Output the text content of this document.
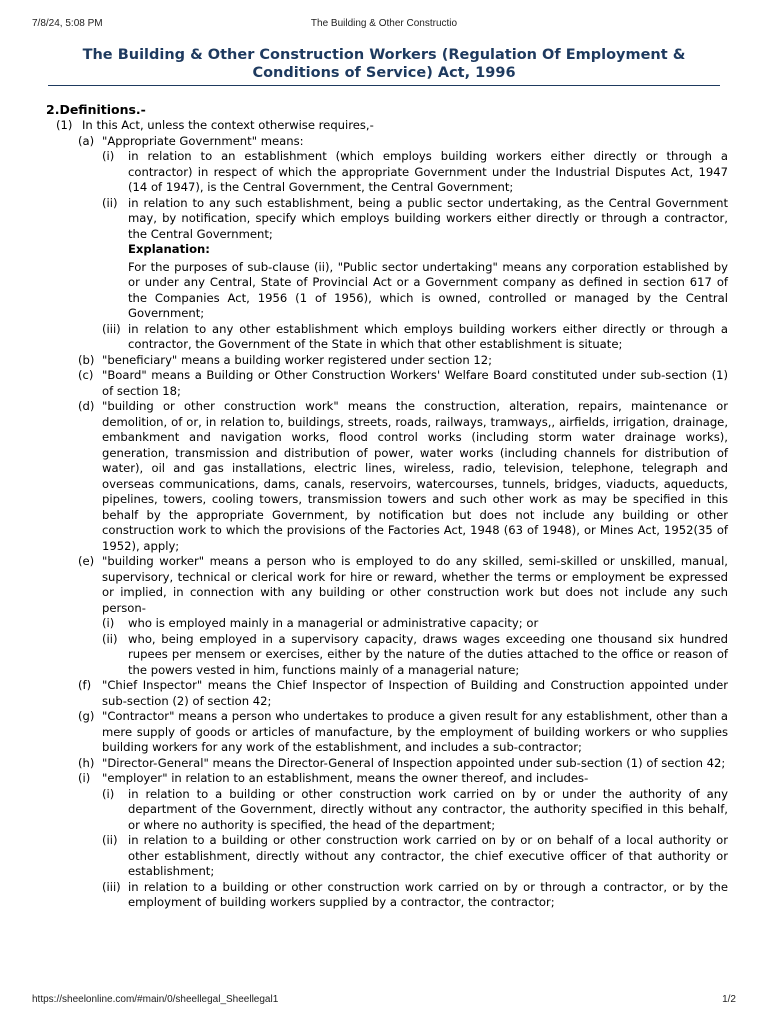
7/8/24, 5:08 PM	The Building & Other Constructio
The Building & Other Construction Workers (Regulation Of Employment & Conditions of Service) Act, 1996
2.Definitions.-
(1) In this Act, unless the context otherwise requires,-
(a) "Appropriate Government" means:
(i) in relation to an establishment (which employs building workers either directly or through a contractor) in respect of which the appropriate Government under the Industrial Disputes Act, 1947 (14 of 1947), is the Central Government, the Central Government;
(ii) in relation to any such establishment, being a public sector undertaking, as the Central Government may, by notification, specify which employs building workers either directly or through a contractor, the Central Government;
Explanation:
For the purposes of sub-clause (ii), "Public sector undertaking" means any corporation established by or under any Central, State of Provincial Act or a Government company as defined in section 617 of the Companies Act, 1956 (1 of 1956), which is owned, controlled or managed by the Central Government;
(iii) in relation to any other establishment which employs building workers either directly or through a contractor, the Government of the State in which that other establishment is situate;
(b) "beneficiary" means a building worker registered under section 12;
(c) "Board" means a Building or Other Construction Workers' Welfare Board constituted under sub-section (1) of section 18;
(d) "building or other construction work" means the construction, alteration, repairs, maintenance or demolition, of or, in relation to, buildings, streets, roads, railways, tramways,, airfields, irrigation, drainage, embankment and navigation works, flood control works (including storm water drainage works), generation, transmission and distribution of power, water works (including channels for distribution of water), oil and gas installations, electric lines, wireless, radio, television, telephone, telegraph and overseas communications, dams, canals, reservoirs, watercourses, tunnels, bridges, viaducts, aqueducts, pipelines, towers, cooling towers, transmission towers and such other work as may be specified in this behalf by the appropriate Government, by notification but does not include any building or other construction work to which the provisions of the Factories Act, 1948 (63 of 1948), or Mines Act, 1952(35 of 1952), apply;
(e) "building worker" means a person who is employed to do any skilled, semi-skilled or unskilled, manual, supervisory, technical or clerical work for hire or reward, whether the terms or employment be expressed or implied, in connection with any building or other construction work but does not include any such person-
(i) who is employed mainly in a managerial or administrative capacity; or
(ii) who, being employed in a supervisory capacity, draws wages exceeding one thousand six hundred rupees per mensem or exercises, either by the nature of the duties attached to the office or reason of the powers vested in him, functions mainly of a managerial nature;
(f) "Chief Inspector" means the Chief Inspector of Inspection of Building and Construction appointed under sub-section (2) of section 42;
(g) "Contractor" means a person who undertakes to produce a given result for any establishment, other than a mere supply of goods or articles of manufacture, by the employment of building workers or who supplies building workers for any work of the establishment, and includes a sub-contractor;
(h) "Director-General" means the Director-General of Inspection appointed under sub-section (1) of section 42;
(i) "employer" in relation to an establishment, means the owner thereof, and includes-
(i) in relation to a building or other construction work carried on by or under the authority of any department of the Government, directly without any contractor, the authority specified in this behalf, or where no authority is specified, the head of the department;
(ii) in relation to a building or other construction work carried on by or on behalf of a local authority or other establishment, directly without any contractor, the chief executive officer of that authority or establishment;
(iii) in relation to a building or other construction work carried on by or through a contractor, or by the employment of building workers supplied by a contractor, the contractor;
https://sheelonline.com/#main/0/sheellegal_Sheellegal1	1/2
